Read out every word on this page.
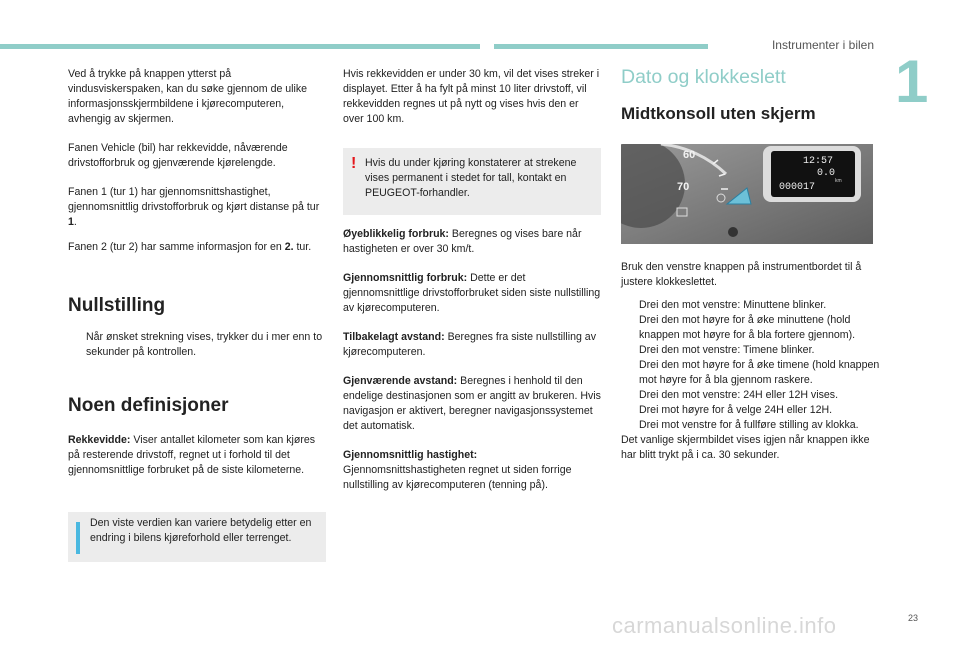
Instrumenter i bilen
1
23
carmanualsonline.info

Ved å trykke på knappen ytterst på vindusviskerspaken, kan du søke gjennom de ulike informasjonsskjermbildene i kjørecomputeren, avhengig av skjermen.

Fanen Vehicle (bil) har rekkevidde, nåværende drivstofforbruk og gjenværende kjørelengde.

Fanen 1 (tur 1) har gjennomsnittshastighet, gjennomsnittlig drivstofforbruk og kjørt distanse på tur 1.

Fanen 2 (tur 2) har samme informasjon for en 2. tur.

Nullstilling

Når ønsket strekning vises, trykker du i mer enn to sekunder på kontrollen.

Noen definisjoner

Rekkevidde: Viser antallet kilometer som kan kjøres på resterende drivstoff, regnet ut i forhold til det gjennomsnittlige forbruket på de siste kilometerne.

Den viste verdien kan variere betydelig etter en endring i bilens kjøreforhold eller terrenget.

Hvis rekkevidden er under 30 km, vil det vises streker i displayet. Etter å ha fylt på minst 10 liter drivstoff, vil rekkevidden regnes ut på nytt og vises hvis den er over 100 km.

! Hvis du under kjøring konstaterer at strekene vises permanent i stedet for tall, kontakt en PEUGEOT-forhandler.

Øyeblikkelig forbruk: Beregnes og vises bare når hastigheten er over 30 km/t.

Gjennomsnittlig forbruk: Dette er det gjennomsnittlige drivstofforbruket siden siste nullstilling av kjørecomputeren.

Tilbakelagt avstand: Beregnes fra siste nullstilling av kjørecomputeren.

Gjenværende avstand: Beregnes i henhold til den endelige destinasjonen som er angitt av brukeren. Hvis navigasjon er aktivert, beregner navigasjonssystemet det automatisk.

Gjennomsnittlig hastighet:
Gjennomsnittshastigheten regnet ut siden forrige nullstilling av kjørecomputeren (tenning på).

Dato og klokkeslett
Midtkonsoll uten skjerm
60
70
12:57
0.0
000017
km

Bruk den venstre knappen på instrumentbordet til å justere klokkeslettet.

Drei den mot venstre: Minuttene blinker.

Drei den mot høyre for å øke minuttene (hold knappen mot høyre for å bla fortere gjennom).

Drei den mot venstre: Timene blinker.

Drei den mot høyre for å øke timene (hold knappen mot høyre for å bla gjennom raskere.

Drei den mot venstre: 24H eller 12H vises.

Drei mot høyre for å velge 24H eller 12H.

Drei mot venstre for å fullføre stilling av klokka.

Det vanlige skjermbildet vises igjen når knappen ikke har blitt trykt på i ca. 30 sekunder.
